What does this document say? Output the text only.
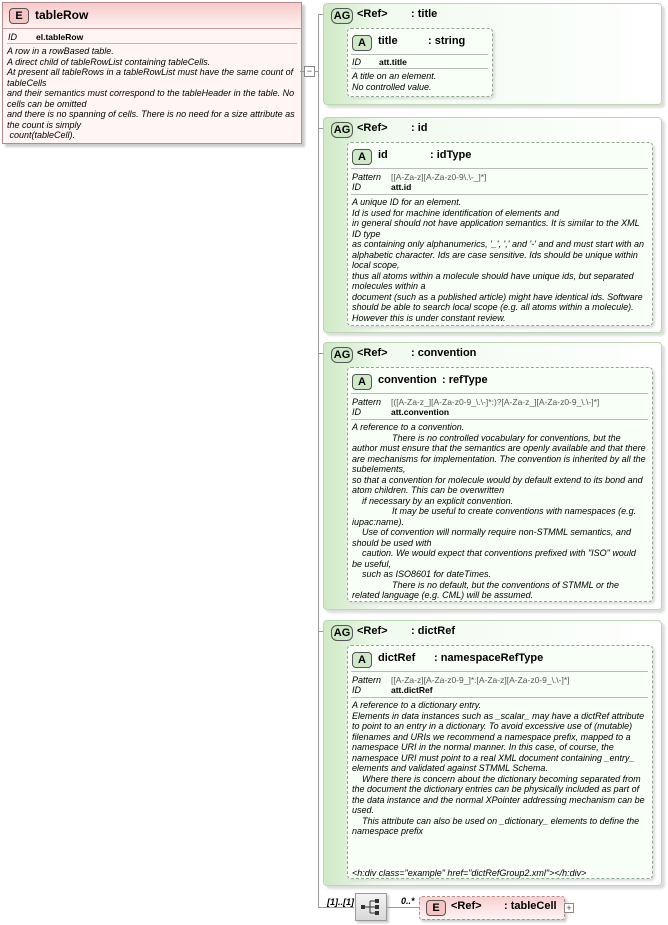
E	tableRow
ID el.tableRow
A row in a rowBased table.
A direct child of tableRowList containing tableCells.
At present all tableRows in a tableRowList must have the same count of
tableCells
and their semantics must correspond to the tableHeader in the table. No
cells can be omitted
and there is no spanning of cells. There is no need for a size attribute as
the count is simply
count(tableCell).
−
AG <Ref> : title
A	title	: string
ID att.title
A title on an element.
No controlled value.
AG <Ref> : id
A	id	: idType
Pattern [[A-Za-z][A-Za-z0-9\.\-_]*]
ID	att.id
A unique ID for an element.
Id is used for machine identification of elements and
in general should not have application semantics. It is similar to the XML
ID type
as containing only alphanumerics, '_', ',' and '-' and and must start with an
alphabetic character. Ids are case sensitive. Ids should be unique within
local scope,
thus all atoms within a molecule should have unique ids, but separated
molecules within a
document (such as a published article) might have identical ids. Software
should be able to search local scope (e.g. all atoms within a molecule).
However this is under constant review.
AG <Ref> : convention
A	convention : refType
Pattern [([A-Za-z_][A-Za-z0-9_\.\-]*:)?[A-Za-z_][A-Za-z0-9_\.\-]*]
ID	att.convention
A reference to a convention.
There is no controlled vocabulary for conventions, but the
author must ensure that the semantics are openly available and that there
are mechanisms for implementation. The convention is inherited by all the
subelements,
so that a convention for molecule would by default extend to its bond and
atom children. This can be overwritten
if necessary by an explicit convention.
It may be useful to create conventions with namespaces (e.g.
iupac:name).
Use of convention will normally require non-STMML semantics, and
should be used with
caution. We would expect that conventions prefixed with "ISO" would
be useful,
such as ISO8601 for dateTimes.
There is no default, but the conventions of STMML or the
related language (e.g. CML) will be assumed.
AG <Ref> : dictRef
A	dictRef : namespaceRefType
Pattern [[A-Za-z][A-Za-z0-9_]*:[A-Za-z][A-Za-z0-9_\.\-]*]
ID	att.dictRef
A reference to a dictionary entry.
Elements in data instances such as _scalar_ may have a dictRef attribute
to point to an entry in a dictionary. To avoid excessive use of (mutable)
filenames and URIs we recommend a namespace prefix, mapped to a
namespace URI in the normal manner. In this case, of course, the
namespace URI must point to a real XML document containing _entry_
elements and validated against STMML Schema.
Where there is concern about the dictionary becoming separated from
the document the dictionary entries can be physically included as part of
the data instance and the normal XPointer addressing mechanism can be
used.
This attribute can also be used on _dictionary_ elements to define the
namespace prefix
<h:div class="example" href="dictRefGroup2.xml"></h:div>
[1]..[1]	0..*
E	<Ref> : tableCell +
